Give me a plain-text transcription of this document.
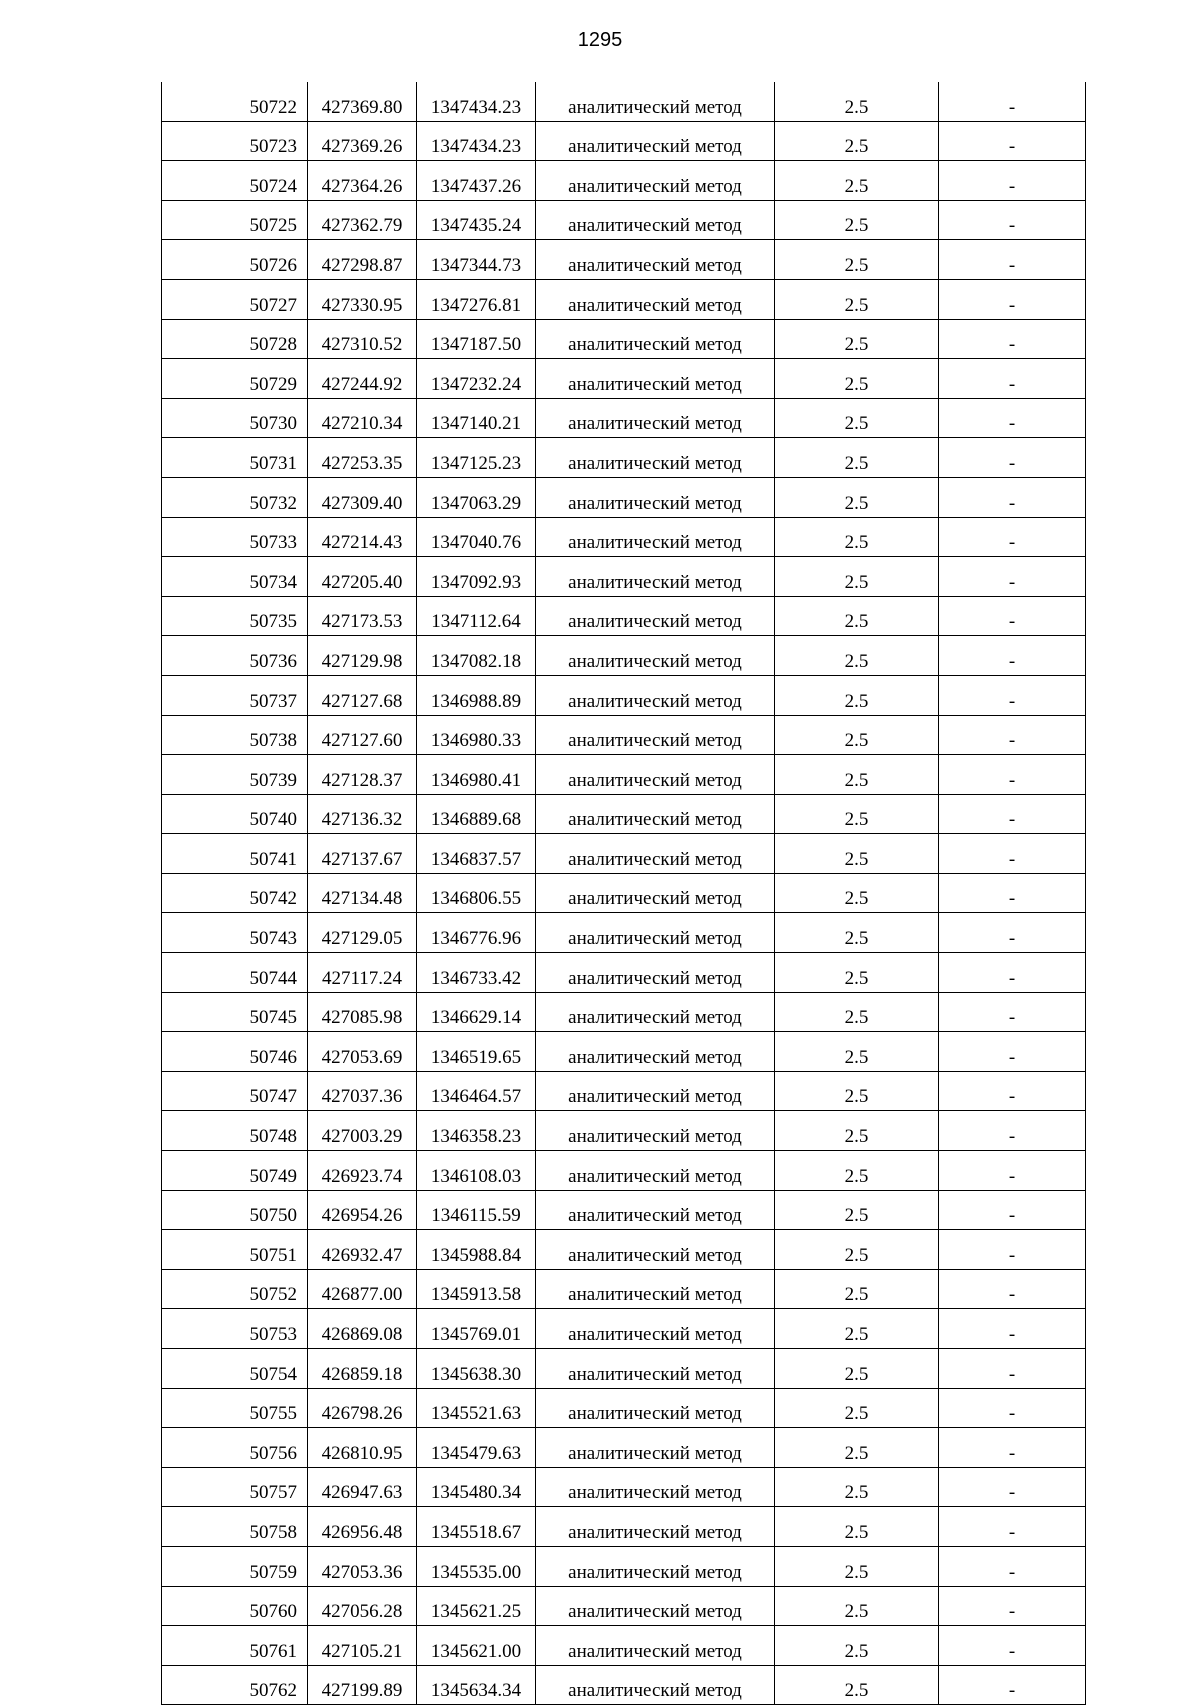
1295
50722	427369.80	1347434.23	аналитический метод	2.5	-
50723	427369.26	1347434.23	аналитический метод	2.5	-
50724	427364.26	1347437.26	аналитический метод	2.5	-
50725	427362.79	1347435.24	аналитический метод	2.5	-
50726	427298.87	1347344.73	аналитический метод	2.5	-
50727	427330.95	1347276.81	аналитический метод	2.5	-
50728	427310.52	1347187.50	аналитический метод	2.5	-
50729	427244.92	1347232.24	аналитический метод	2.5	-
50730	427210.34	1347140.21	аналитический метод	2.5	-
50731	427253.35	1347125.23	аналитический метод	2.5	-
50732	427309.40	1347063.29	аналитический метод	2.5	-
50733	427214.43	1347040.76	аналитический метод	2.5	-
50734	427205.40	1347092.93	аналитический метод	2.5	-
50735	427173.53	1347112.64	аналитический метод	2.5	-
50736	427129.98	1347082.18	аналитический метод	2.5	-
50737	427127.68	1346988.89	аналитический метод	2.5	-
50738	427127.60	1346980.33	аналитический метод	2.5	-
50739	427128.37	1346980.41	аналитический метод	2.5	-
50740	427136.32	1346889.68	аналитический метод	2.5	-
50741	427137.67	1346837.57	аналитический метод	2.5	-
50742	427134.48	1346806.55	аналитический метод	2.5	-
50743	427129.05	1346776.96	аналитический метод	2.5	-
50744	427117.24	1346733.42	аналитический метод	2.5	-
50745	427085.98	1346629.14	аналитический метод	2.5	-
50746	427053.69	1346519.65	аналитический метод	2.5	-
50747	427037.36	1346464.57	аналитический метод	2.5	-
50748	427003.29	1346358.23	аналитический метод	2.5	-
50749	426923.74	1346108.03	аналитический метод	2.5	-
50750	426954.26	1346115.59	аналитический метод	2.5	-
50751	426932.47	1345988.84	аналитический метод	2.5	-
50752	426877.00	1345913.58	аналитический метод	2.5	-
50753	426869.08	1345769.01	аналитический метод	2.5	-
50754	426859.18	1345638.30	аналитический метод	2.5	-
50755	426798.26	1345521.63	аналитический метод	2.5	-
50756	426810.95	1345479.63	аналитический метод	2.5	-
50757	426947.63	1345480.34	аналитический метод	2.5	-
50758	426956.48	1345518.67	аналитический метод	2.5	-
50759	427053.36	1345535.00	аналитический метод	2.5	-
50760	427056.28	1345621.25	аналитический метод	2.5	-
50761	427105.21	1345621.00	аналитический метод	2.5	-
50762	427199.89	1345634.34	аналитический метод	2.5	-
